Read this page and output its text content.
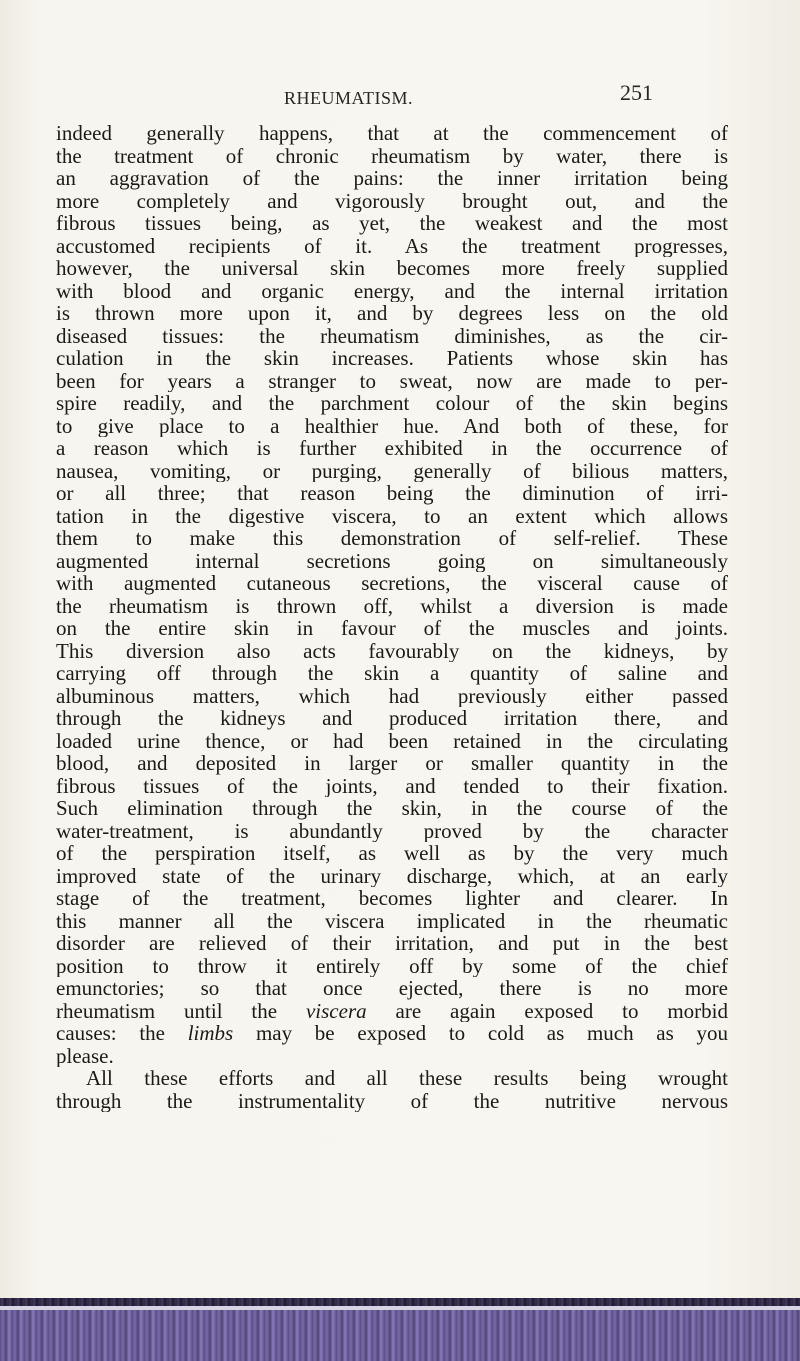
RHEUMATISM.	251
indeed generally happens, that at the commencement of
the treatment of chronic rheumatism by water, there is
an aggravation of the pains: the inner irritation being
more completely and vigorously brought out, and the
fibrous tissues being, as yet, the weakest and the most
accustomed recipients of it. As the treatment progresses,
however, the universal skin becomes more freely supplied
with blood and organic energy, and the internal irritation
is thrown more upon it, and by degrees less on the old
diseased tissues: the rheumatism diminishes, as the cir-
culation in the skin increases. Patients whose skin has
been for years a stranger to sweat, now are made to per-
spire readily, and the parchment colour of the skin begins
to give place to a healthier hue. And both of these, for
a reason which is further exhibited in the occurrence of
nausea, vomiting, or purging, generally of bilious matters,
or all three; that reason being the diminution of irri-
tation in the digestive viscera, to an extent which allows
them to make this demonstration of self-relief. These
augmented internal secretions going on simultaneously
with augmented cutaneous secretions, the visceral cause of
the rheumatism is thrown off, whilst a diversion is made
on the entire skin in favour of the muscles and joints.
This diversion also acts favourably on the kidneys, by
carrying off through the skin a quantity of saline and
albuminous matters, which had previously either passed
through the kidneys and produced irritation there, and
loaded urine thence, or had been retained in the circulating
blood, and deposited in larger or smaller quantity in the
fibrous tissues of the joints, and tended to their fixation.
Such elimination through the skin, in the course of the
water-treatment, is abundantly proved by the character
of the perspiration itself, as well as by the very much
improved state of the urinary discharge, which, at an early
stage of the treatment, becomes lighter and clearer. In
this manner all the viscera implicated in the rheumatic
disorder are relieved of their irritation, and put in the best
position to throw it entirely off by some of the chief
emunctories; so that once ejected, there is no more
rheumatism until the viscera are again exposed to morbid
causes: the limbs may be exposed to cold as much as you
please.
All these efforts and all these results being wrought
through the instrumentality of the nutritive nervous
